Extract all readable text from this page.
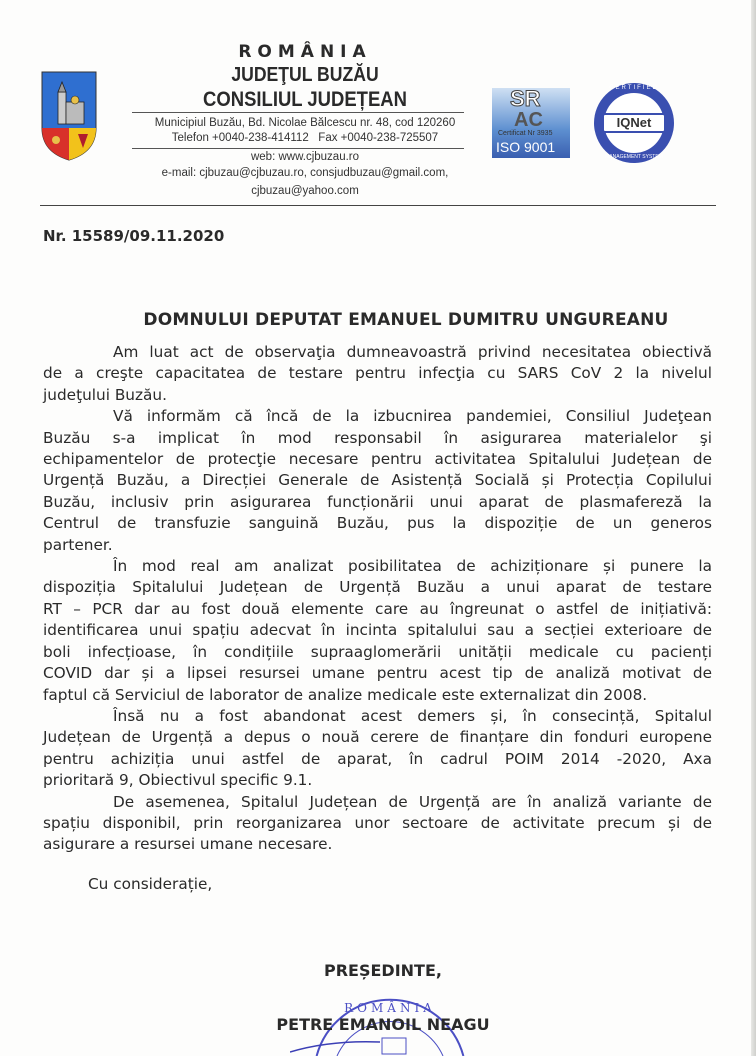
ROMÂNIA
JUDEŢUL BUZĂU
CONSILIUL JUDEȚEAN
Municipiul Buzău, Bd. Nicolae Bălcescu nr. 48, cod 120260
Telefon +0040-238-414112   Fax +0040-238-725507
web: www.cjbuzau.ro
e-mail: cjbuzau@cjbuzau.ro, consjudbuzau@gmail.com,
cjbuzau@yahoo.com
SR
AC
Certificat Nr 3935
ISO 9001
IQNet
CERTIFIED
MANAGEMENT SYSTEM
Nr. 15589/09.11.2020
DOMNULUI DEPUTAT EMANUEL DUMITRU UNGUREANU
Am luat act de observaţia dumneavoastră privind necesitatea obiectivă
de a creşte capacitatea de testare pentru infecţia cu SARS CoV 2 la nivelul
judeţului Buzău.
Vă informăm că încă de la izbucnirea pandemiei, Consiliul Judeţean
Buzău s-a implicat în mod responsabil în asigurarea materialelor şi
echipamentelor de protecţie necesare pentru activitatea Spitalului Județean de
Urgență Buzău, a Direcției Generale de Asistență Socială și Protecția Copilului
Buzău, inclusiv prin asigurarea funcționării unui aparat de plasmafereză la
Centrul de transfuzie sanguină Buzău, pus la dispoziție de un generos
partener.
În mod real am analizat posibilitatea de achiziționare și punere la
dispoziția Spitalului Județean de Urgență Buzău a unui aparat de testare
RT – PCR dar au fost două elemente care au îngreunat o astfel de inițiativă:
identificarea unui spațiu adecvat în incinta spitalului sau a secției exterioare de
boli infecțioase, în condițiile supraaglomerării unității medicale cu pacienți
COVID dar și a lipsei resursei umane pentru acest tip de analiză motivat de
faptul că Serviciul de laborator de analize medicale este externalizat din 2008.
Însă nu a fost abandonat acest demers și, în consecință, Spitalul
Județean de Urgență a depus o nouă cerere de finanțare din fonduri europene
pentru achiziția unui astfel de aparat, în cadrul POIM 2014 -2020, Axa
prioritară 9, Obiectivul specific 9.1.
De asemenea, Spitalul Județean de Urgență are în analiză variante de
spațiu disponibil, prin reorganizarea unor sectoare de activitate precum și de
asigurare a resursei umane necesare.
Cu considerație,
PREȘEDINTE,
ROMÂNIA
PETRE EMANOIL NEAGU
